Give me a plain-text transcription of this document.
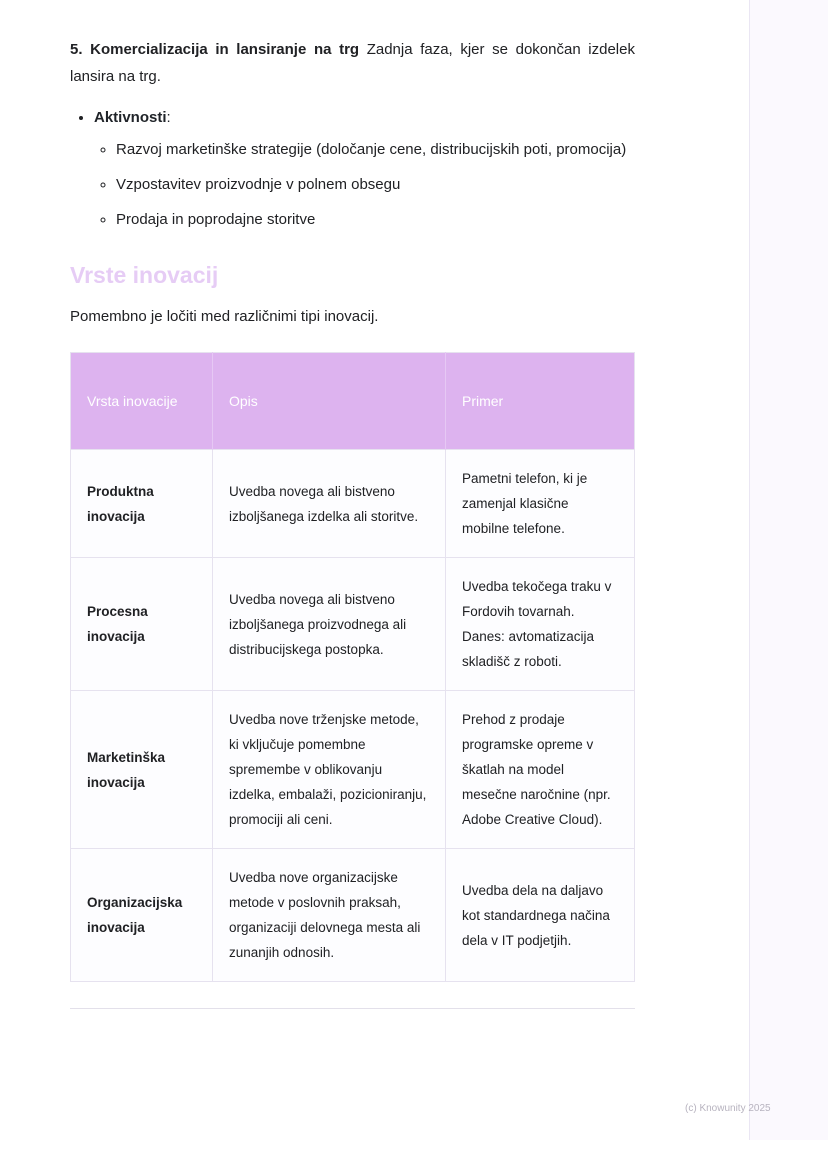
5. Komercializacija in lansiranje na trg Zadnja faza, kjer se dokončan izdelek lansira na trg.

• Aktivnosti:
◦ Razvoj marketinške strategije (določanje cene, distribucijskih poti, promocija)
◦ Vzpostavitev proizvodnje v polnem obsegu
◦ Prodaja in poprodajne storitve
Vrste inovacij

Pomembno je ločiti med različnimi tipi inovacij.

Vrsta inovacije	Opis	Primer
Produktna inovacija	Uvedba novega ali bistveno izboljšanega izdelka ali storitve.	Pametni telefon, ki je zamenjal klasične mobilne telefone.
Procesna inovacija	Uvedba novega ali bistveno izboljšanega proizvodnega ali distribucijskega postopka.	Uvedba tekočega traku v Fordovih tovarnah. Danes: avtomatizacija skladišč z roboti.
Marketinška inovacija	Uvedba nove trženjske metode, ki vključuje pomembne spremembe v oblikovanju izdelka, embalaži, pozicioniranju, promociji ali ceni.	Prehod z prodaje programske opreme v škatlah na model mesečne naročnine (npr. Adobe Creative Cloud).
Organizacijska inovacija	Uvedba nove organizacijske metode v poslovnih praksah, organizaciji delovnega mesta ali zunanjih odnosih.	Uvedba dela na daljavo kot standardnega načina dela v IT podjetjih.
(c) Knowunity 2025
